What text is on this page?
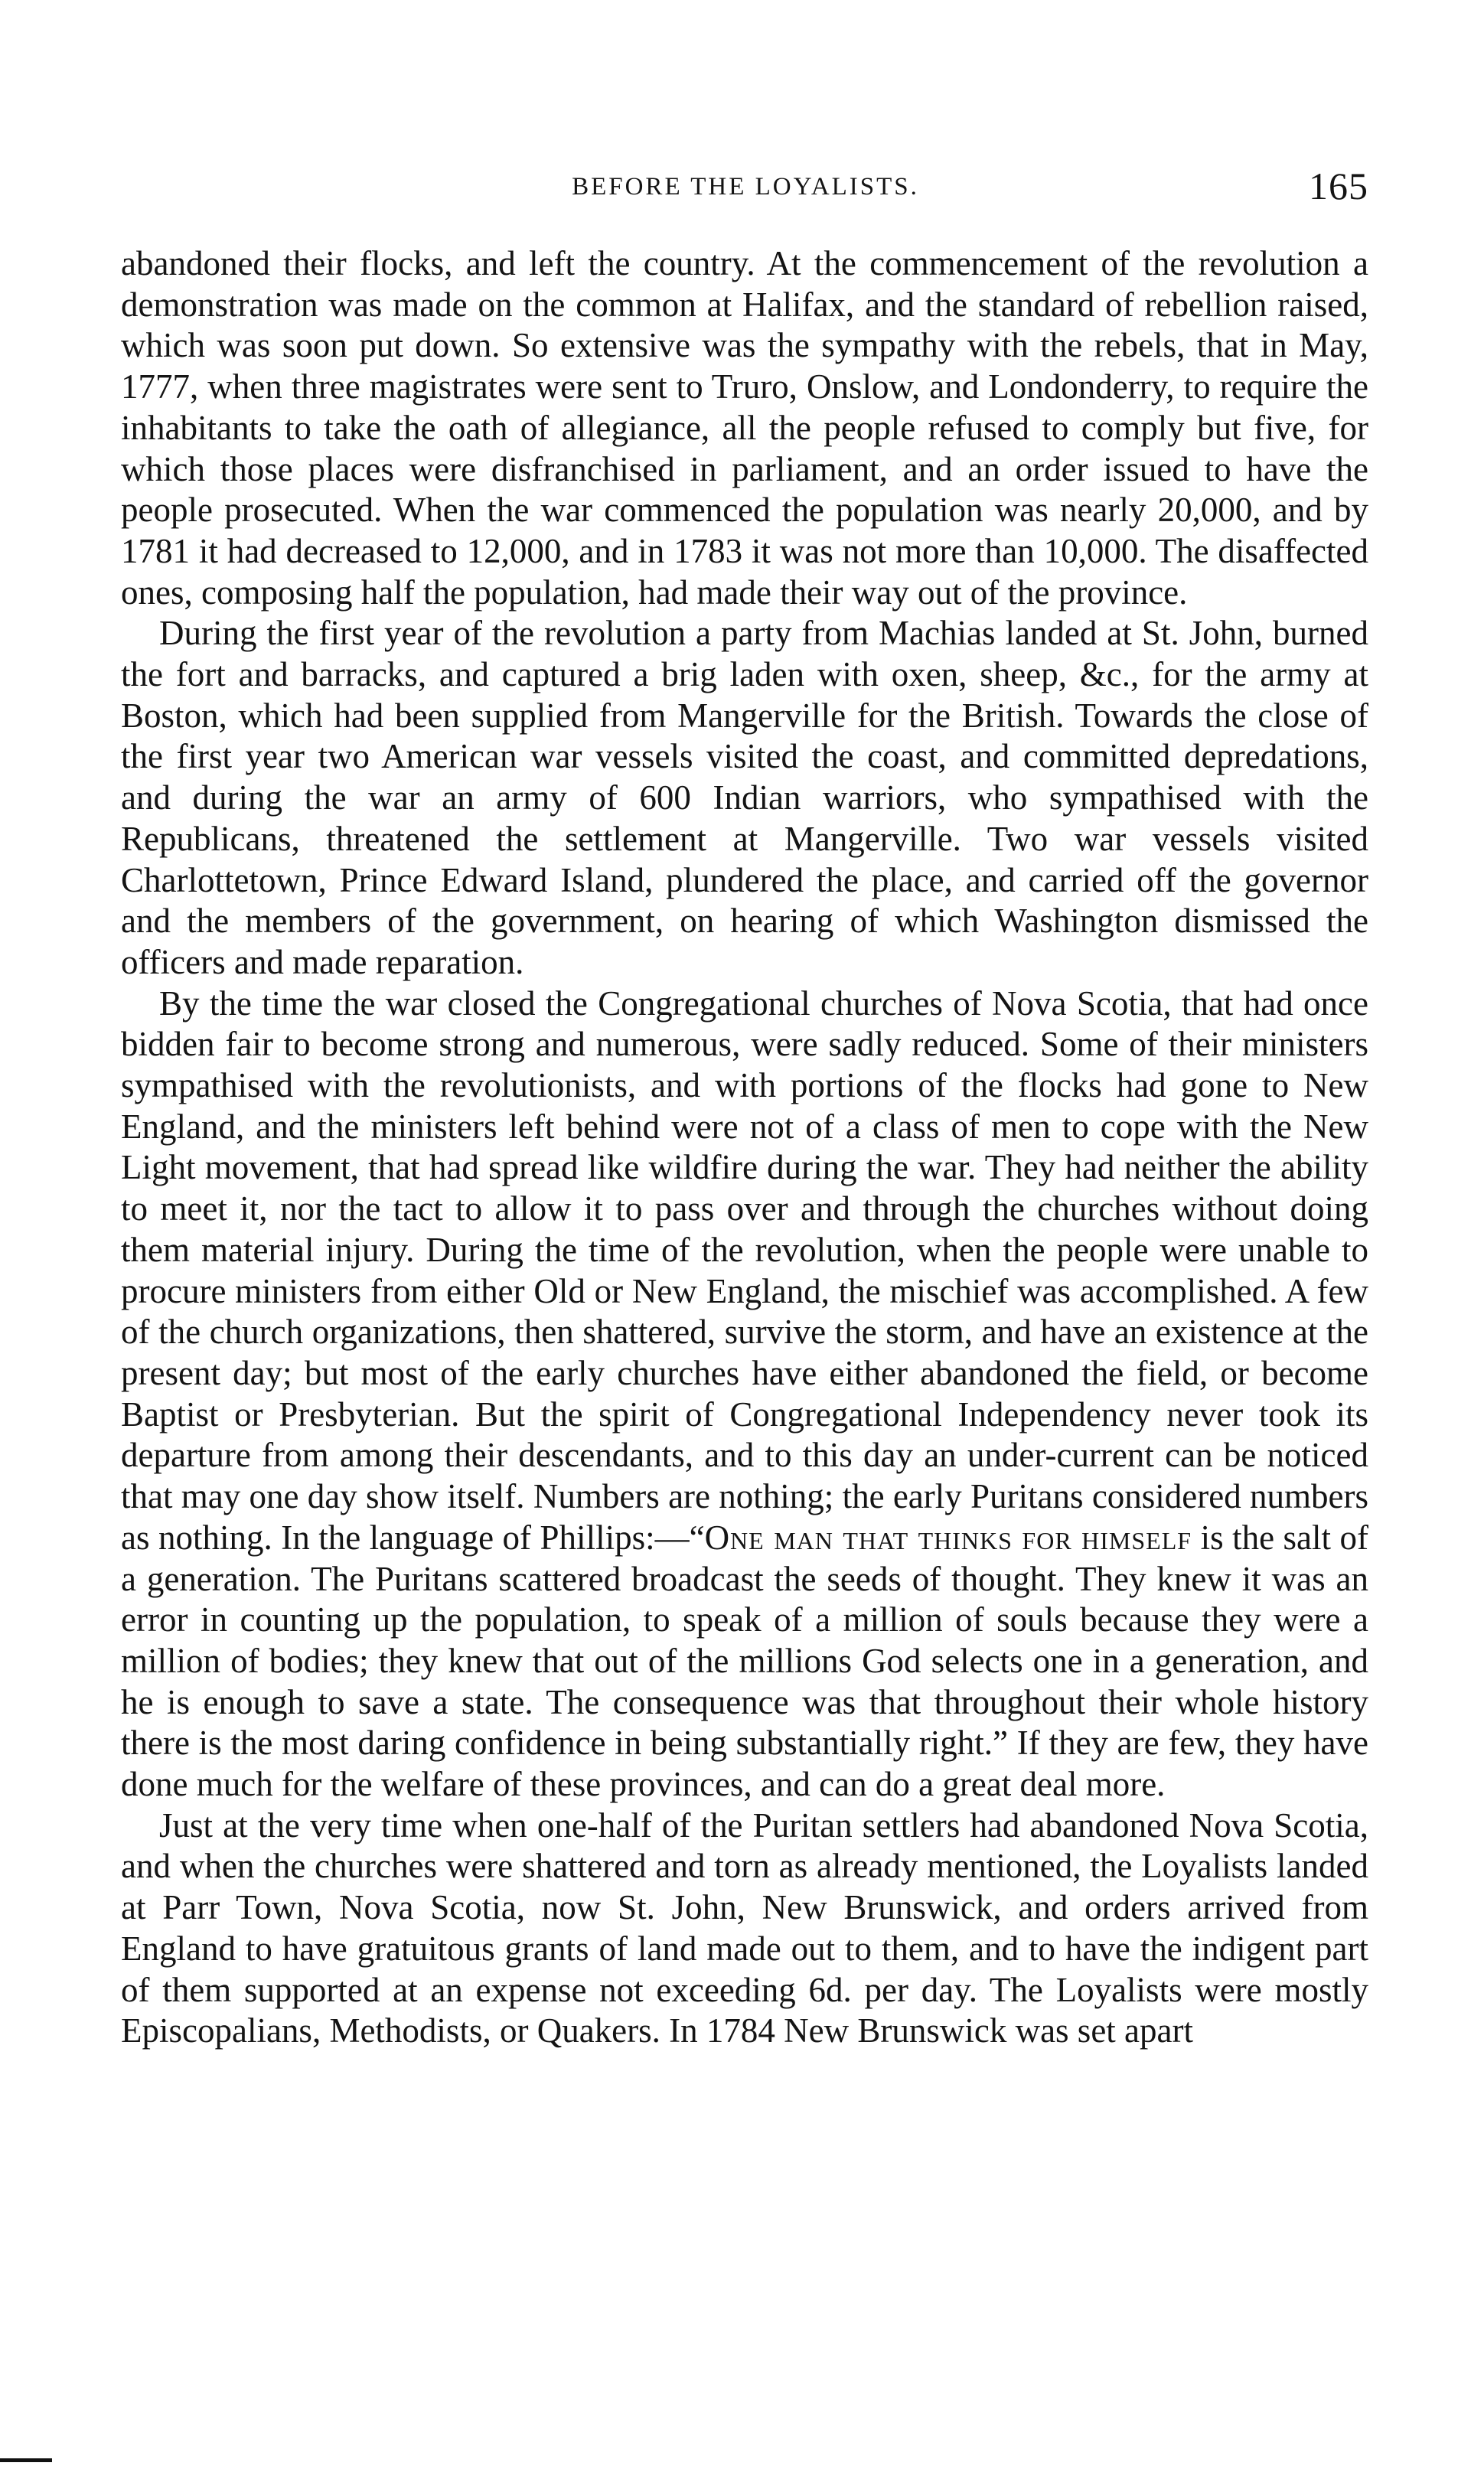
BEFORE THE LOYALISTS.	165

abandoned their flocks, and left the country. At the commencement of the revolution a demonstration was made on the common at Halifax, and the standard of rebellion raised, which was soon put down. So extensive was the sympathy with the rebels, that in May, 1777, when three magistrates were sent to Truro, Onslow, and Londonderry, to require the inhabitants to take the oath of allegiance, all the people refused to comply but five, for which those places were disfranchised in parliament, and an order issued to have the people prosecuted. When the war commenced the population was nearly 20,000, and by 1781 it had decreased to 12,000, and in 1783 it was not more than 10,000. The disaffected ones, composing half the population, had made their way out of the province.

During the first year of the revolution a party from Machias landed at St. John, burned the fort and barracks, and captured a brig laden with oxen, sheep, &c., for the army at Boston, which had been supplied from Mangerville for the British. Towards the close of the first year two American war vessels visited the coast, and committed depredations, and during the war an army of 600 Indian warriors, who sympathised with the Republicans, threatened the settlement at Mangerville. Two war vessels visited Charlottetown, Prince Edward Island, plundered the place, and carried off the governor and the members of the government, on hearing of which Washington dismissed the officers and made reparation.

By the time the war closed the Congregational churches of Nova Scotia, that had once bidden fair to become strong and numerous, were sadly reduced. Some of their ministers sympathised with the revolutionists, and with portions of the flocks had gone to New England, and the ministers left behind were not of a class of men to cope with the New Light movement, that had spread like wildfire during the war. They had neither the ability to meet it, nor the tact to allow it to pass over and through the churches without doing them material injury. During the time of the revolution, when the people were unable to procure ministers from either Old or New England, the mischief was accomplished. A few of the church organizations, then shattered, survive the storm, and have an existence at the present day; but most of the early churches have either abandoned the field, or become Baptist or Presbyterian. But the spirit of Congregational Independency never took its departure from among their descendants, and to this day an under-current can be noticed that may one day show itself. Numbers are nothing; the early Puritans considered numbers as nothing. In the language of Phillips:—“One man that thinks for himself is the salt of a generation. The Puritans scattered broadcast the seeds of thought. They knew it was an error in counting up the population, to speak of a million of souls because they were a million of bodies; they knew that out of the millions God selects one in a generation, and he is enough to save a state. The consequence was that throughout their whole history there is the most daring confidence in being substantially right.” If they are few, they have done much for the welfare of these provinces, and can do a great deal more.

Just at the very time when one-half of the Puritan settlers had abandoned Nova Scotia, and when the churches were shattered and torn as already mentioned, the Loyalists landed at Parr Town, Nova Scotia, now St. John, New Brunswick, and orders arrived from England to have gratuitous grants of land made out to them, and to have the indigent part of them supported at an expense not exceeding 6d. per day. The Loyalists were mostly Episcopalians, Methodists, or Quakers. In 1784 New Brunswick was set apart
